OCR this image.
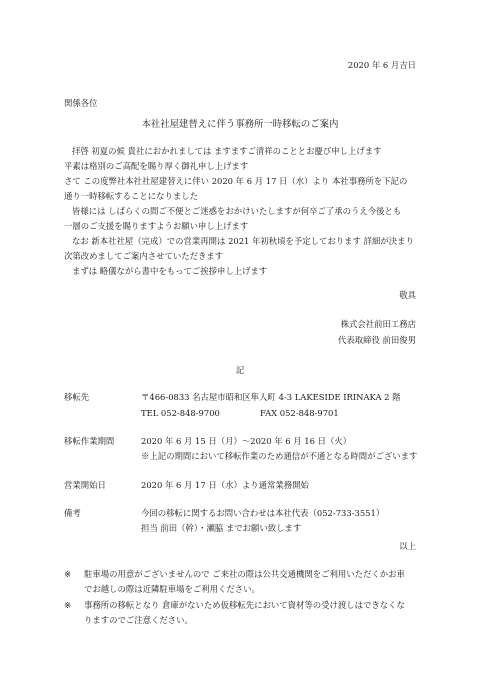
2020 年 6 月吉日
関係各位
本社社屋建替えに伴う事務所一時移転のご案内
拝啓 初夏の候 貴社におかれましては ますますご清祥のこととお慶び申し上げます
平素は格別のご高配を賜り厚く御礼申し上げます
さて この度弊社本社社屋建替えに伴い 2020 年 6 月 17 日（水）より 本社事務所を下記の
通り一時移転することになりました
皆様には しばらくの間ご不便とご迷惑をおかけいたしますが何卒ご了承のうえ今後とも
一層のご支援を賜りますようお願い申し上げます
なお 新本社社屋（完成）での営業再開は 2021 年初秋頃を予定しております 詳細が決まり
次第改めましてご案内させていただきます
まずは 略儀ながら書中をもってご挨拶申し上げます
敬具
株式会社前田工務店
代表取締役 前田俊男
記
移転先	〒466-0833 名古屋市昭和区隼人町 4-3 LAKESIDE IRINAKA 2 階
TEL 052-848-9700	FAX 052-848-9701
移転作業期間	2020 年 6 月 15 日（月）〜2020 年 6 月 16 日（火）
※上記の期間において移転作業のため通信が不通となる時間がございます
営業開始日	2020 年 6 月 17 日（水）より通常業務開始
備考	今回の移転に関するお問い合わせは本社代表（052-733-3551）
担当 前田（幹）・瀬脇 までお願い致します
以上
※ 駐車場の用意がございませんので ご来社の際は公共交通機関をご利用いただくかお車
でお越しの際は近隣駐車場をご利用ください。
※ 事務所の移転となり 倉庫がないため仮移転先において資材等の受け渡しはできなくな
りますのでご注意ください。
